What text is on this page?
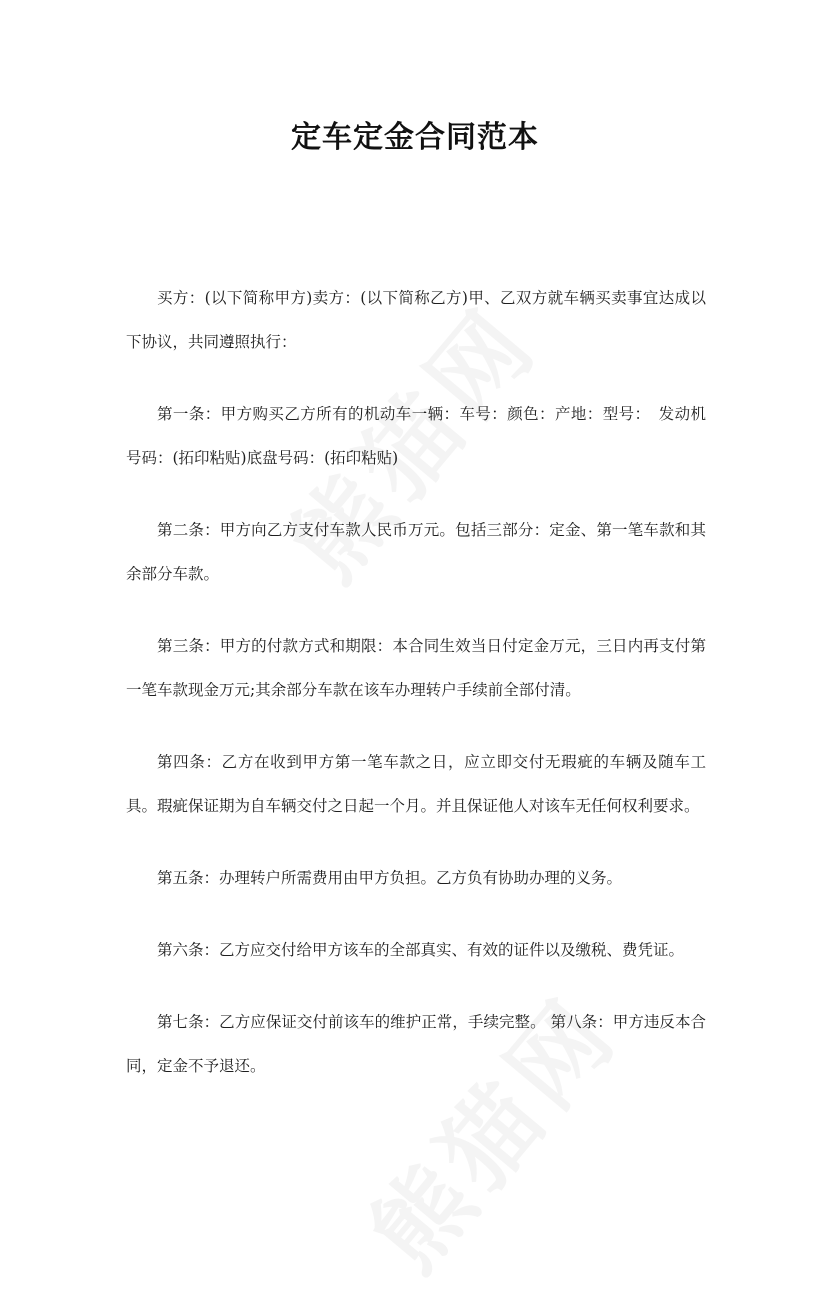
定车定金合同范本

买方：(以下简称甲方)卖方：(以下简称乙方)甲、乙双方就车辆买卖事宜达成以下协议，共同遵照执行：

第一条：甲方购买乙方所有的机动车一辆：车号：颜色：产地：型号：　发动机号码：(拓印粘贴)底盘号码：(拓印粘贴)

第二条：甲方向乙方支付车款人民币万元。包括三部分：定金、第一笔车款和其余部分车款。

第三条：甲方的付款方式和期限：本合同生效当日付定金万元，三日内再支付第一笔车款现金万元;其余部分车款在该车办理转户手续前全部付清。

第四条：乙方在收到甲方第一笔车款之日，应立即交付无瑕疵的车辆及随车工具。瑕疵保证期为自车辆交付之日起一个月。并且保证他人对该车无任何权利要求。

第五条：办理转户所需费用由甲方负担。乙方负有协助办理的义务。

第六条：乙方应交付给甲方该车的全部真实、有效的证件以及缴税、费凭证。

第七条：乙方应保证交付前该车的维护正常，手续完整。 第八条：甲方违反本合同，定金不予退还。
